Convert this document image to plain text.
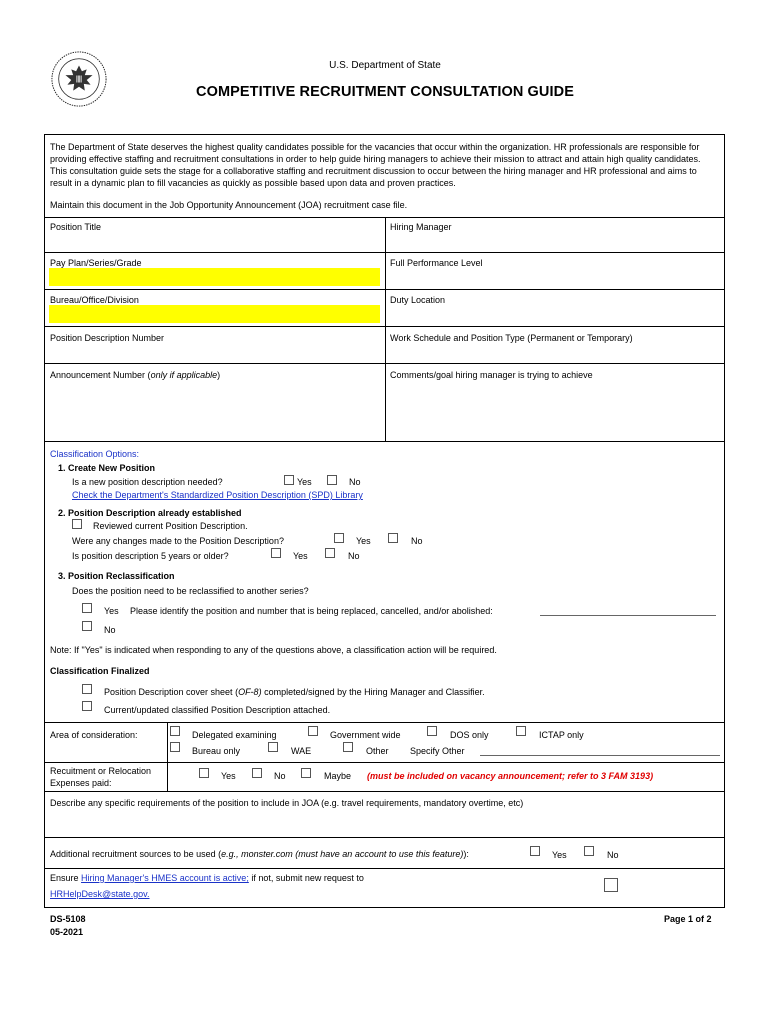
U.S. Department of State
COMPETITIVE RECRUITMENT CONSULTATION GUIDE
The Department of State deserves the highest quality candidates possible for the vacancies that occur within the organization. HR professionals are responsible for providing effective staffing and recruitment consultations in order to help guide hiring managers to achieve their mission to attract and attain high quality candidates. This consultation guide sets the stage for a collaborative staffing and recruitment discussion to occur between the hiring manager and HR professional and aims to result in a dynamic plan to fill vacancies as quickly as possible based upon data and proven practices.
Maintain this document in the Job Opportunity Announcement (JOA) recruitment case file.
Position Title	Hiring Manager
Pay Plan/Series/Grade	Full Performance Level
Bureau/Office/Division	Duty Location
Position Description Number	Work Schedule and Position Type (Permanent or Temporary)
Announcement Number (only if applicable)	Comments/goal hiring manager is trying to achieve
Classification Options:
1. Create New Position
Is a new position description needed?	Yes	No
Check the Department's Standardized Position Description (SPD) Library
2. Position Description already established
Reviewed current Position Description.
Were any changes made to the Position Description?	Yes	No
Is position description 5 years or older?	Yes	No
3. Position Reclassification
Does the position need to be reclassified to another series?
Yes Please identify the position and number that is being replaced, cancelled, and/or abolished:
No
Note: If "Yes" is indicated when responding to any of the questions above, a classification action will be required.
Classification Finalized
Position Description cover sheet (OF-8) completed/signed by the Hiring Manager and Classifier.
Current/updated classified Position Description attached.
Area of consideration:	Delegated examining	Government wide	DOS only	ICTAP only
Bureau only	WAE	Other Specify Other
Recuitment or Relocation
Expenses paid:
Yes	No	Maybe (must be included on vacancy announcement; refer to 3 FAM 3193)
Describe any specific requirements of the position to include in JOA (e.g. travel requirements, mandatory overtime, etc)
Additional recruitment sources to be used (e.g., monster.com (must have an account to use this feature)):	Yes	No
Ensure Hiring Manager's HMES account is active; if not, submit new request to
HRHelpDesk@state.gov.
DS-5108
05-2021
Page 1 of 2
